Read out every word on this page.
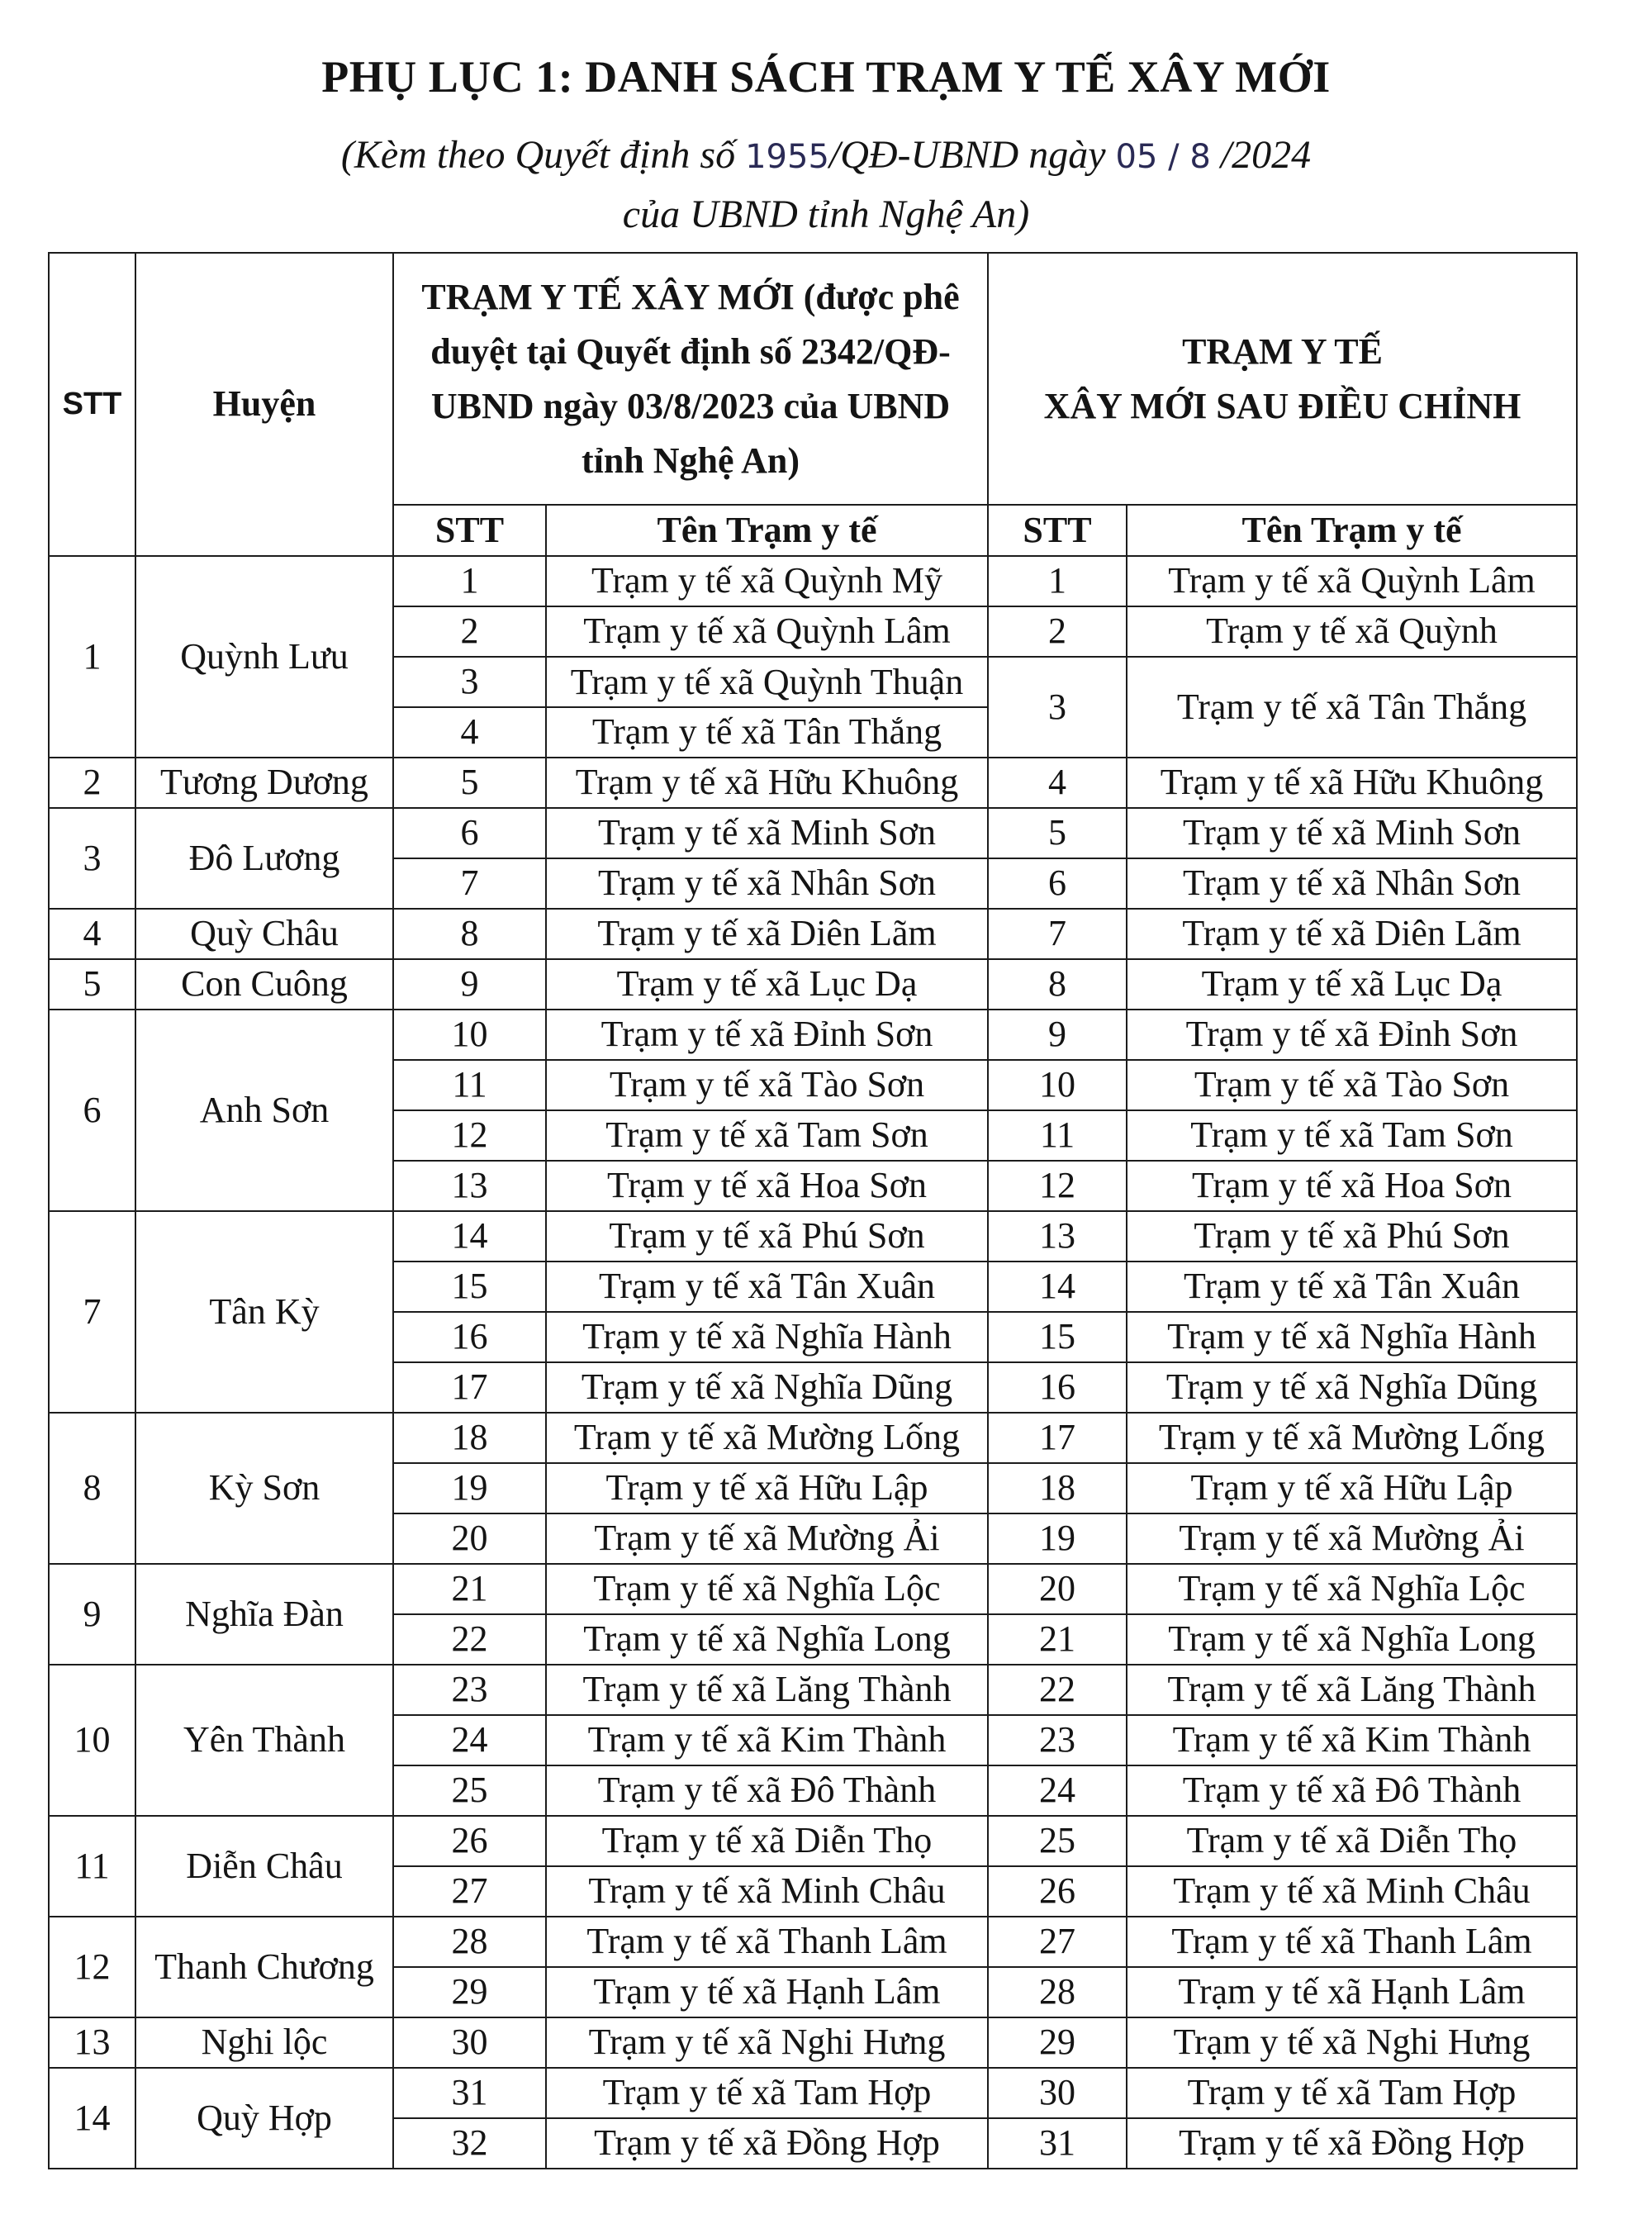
PHỤ LỤC 1: DANH SÁCH TRẠM Y TẾ XÂY MỚI
(Kèm theo Quyết định số 1955/QĐ-UBND ngày 05 / 8 /2024
của UBND tỉnh Nghệ An)
STT	Huyện	TRẠM Y TẾ XÂY MỚI (được phê duyệt tại Quyết định số 2342/QĐ-UBND ngày 03/8/2023 của UBND tỉnh Nghệ An)		TRẠM Y TẾ
XÂY MỚI SAU ĐIỀU CHỈNH	
		STT	Tên Trạm y tế	STT	Tên Trạm y tế
1	Quỳnh Lưu	1	Trạm y tế xã Quỳnh Mỹ	1	Trạm y tế xã Quỳnh Lâm
		2	Trạm y tế xã Quỳnh Lâm	2	Trạm y tế xã Quỳnh
		3	Trạm y tế xã Quỳnh Thuận	3	Trạm y tế xã Tân Thắng
		4	Trạm y tế xã Tân Thắng		
2	Tương Dương	5	Trạm y tế xã Hữu Khuông	4	Trạm y tế xã Hữu Khuông
3	Đô Lương	6	Trạm y tế xã Minh Sơn	5	Trạm y tế xã Minh Sơn
		7	Trạm y tế xã Nhân Sơn	6	Trạm y tế xã Nhân Sơn
4	Quỳ Châu	8	Trạm y tế xã Diên Lãm	7	Trạm y tế xã Diên Lãm
5	Con Cuông	9	Trạm y tế xã Lục Dạ	8	Trạm y tế xã Lục Dạ
6	Anh Sơn	10	Trạm y tế xã Đỉnh Sơn	9	Trạm y tế xã Đỉnh Sơn
		11	Trạm y tế xã Tào Sơn	10	Trạm y tế xã Tào Sơn
		12	Trạm y tế xã Tam Sơn	11	Trạm y tế xã Tam Sơn
		13	Trạm y tế xã Hoa Sơn	12	Trạm y tế xã Hoa Sơn
7	Tân Kỳ	14	Trạm y tế xã Phú Sơn	13	Trạm y tế xã Phú Sơn
		15	Trạm y tế xã Tân Xuân	14	Trạm y tế xã Tân Xuân
		16	Trạm y tế xã Nghĩa Hành	15	Trạm y tế xã Nghĩa Hành
		17	Trạm y tế xã Nghĩa Dũng	16	Trạm y tế xã Nghĩa Dũng
8	Kỳ Sơn	18	Trạm y tế xã Mường Lống	17	Trạm y tế xã Mường Lống
		19	Trạm y tế xã Hữu Lập	18	Trạm y tế xã Hữu Lập
		20	Trạm y tế xã Mường Ải	19	Trạm y tế xã Mường Ải
9	Nghĩa Đàn	21	Trạm y tế xã Nghĩa Lộc	20	Trạm y tế xã Nghĩa Lộc
		22	Trạm y tế xã Nghĩa Long	21	Trạm y tế xã Nghĩa Long
10	Yên Thành	23	Trạm y tế xã Lăng Thành	22	Trạm y tế xã Lăng Thành
		24	Trạm y tế xã Kim Thành	23	Trạm y tế xã Kim Thành
		25	Trạm y tế xã Đô Thành	24	Trạm y tế xã Đô Thành
11	Diễn Châu	26	Trạm y tế xã Diễn Thọ	25	Trạm y tế xã Diễn Thọ
		27	Trạm y tế xã Minh Châu	26	Trạm y tế xã Minh Châu
12	Thanh Chương	28	Trạm y tế xã Thanh Lâm	27	Trạm y tế xã Thanh Lâm
		29	Trạm y tế xã Hạnh Lâm	28	Trạm y tế xã Hạnh Lâm
13	Nghi lộc	30	Trạm y tế xã Nghi Hưng	29	Trạm y tế xã Nghi Hưng
14	Quỳ Hợp	31	Trạm y tế xã Tam Hợp	30	Trạm y tế xã Tam Hợp
		32	Trạm y tế xã Đồng Hợp	31	Trạm y tế xã Đồng Hợp
